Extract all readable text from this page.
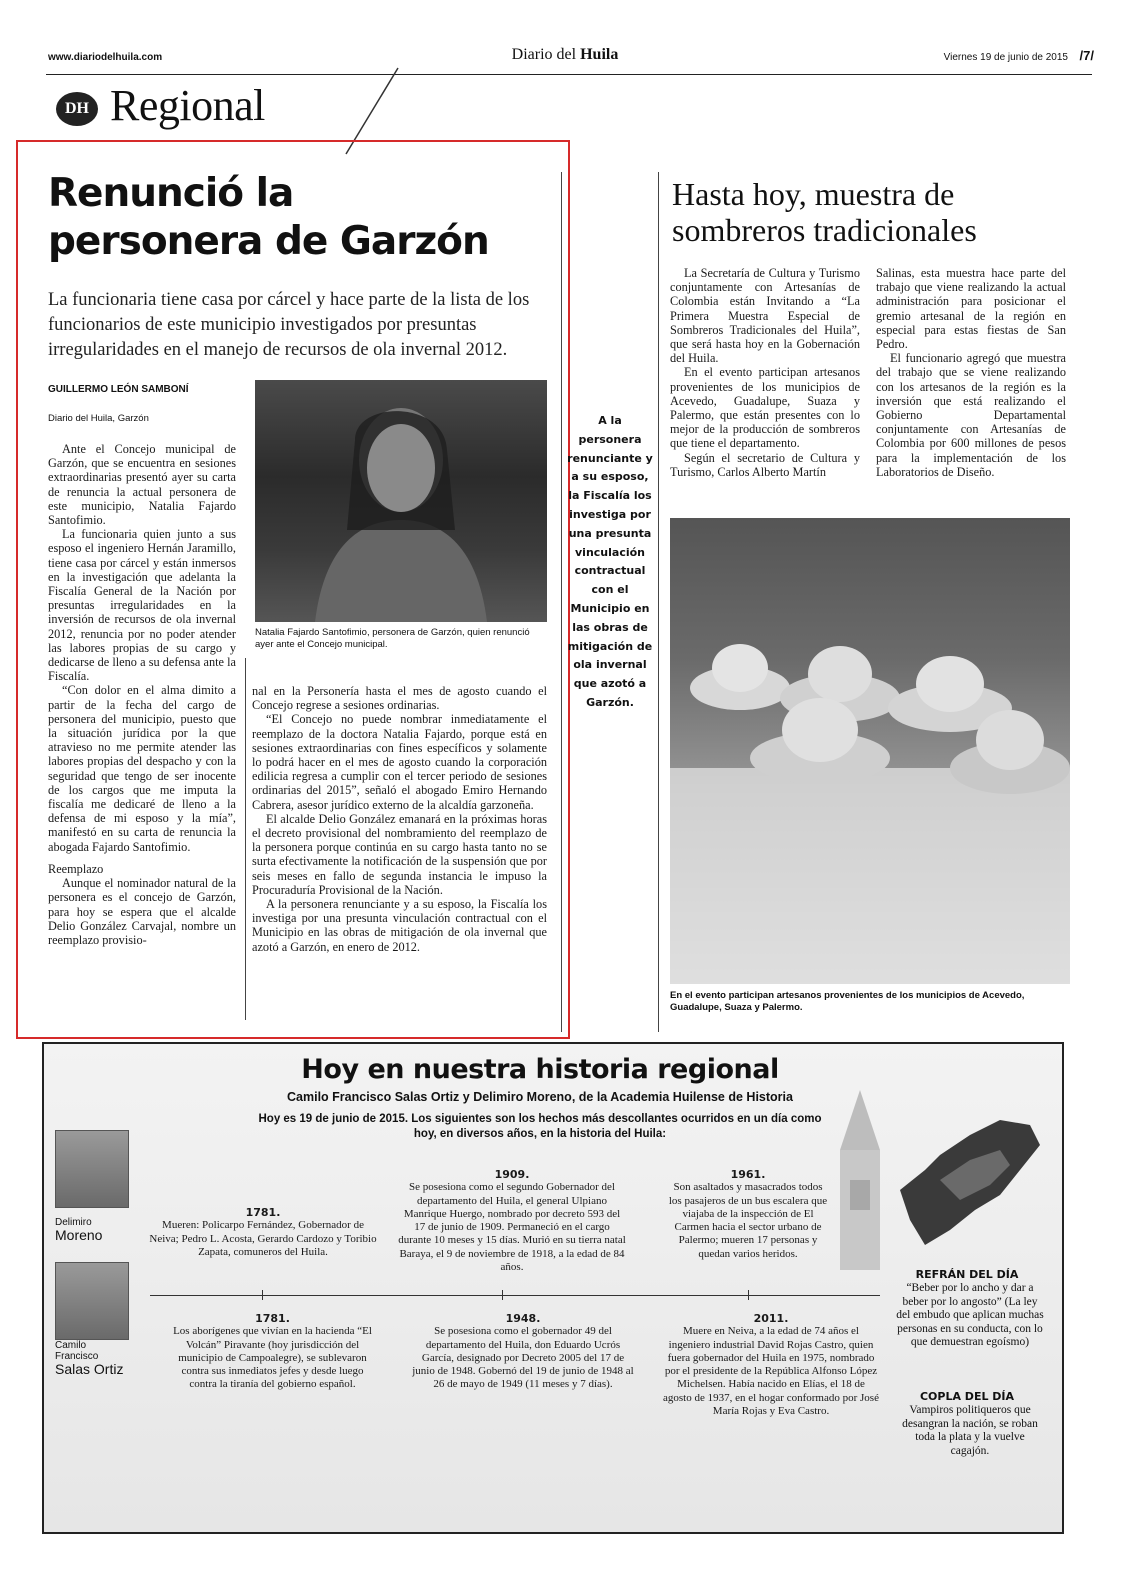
www.diariodelhuila.com	Diario del Huila	Viernes 19 de junio de 2015 /7/
DH Regional
Renunció la
personera de Garzón
La funcionaria tiene casa por cárcel y hace parte de la lista de los funcionarios de este municipio investigados por presuntas irregularidades en el manejo de recursos de ola invernal 2012.
GUILLERMO LEÓN SAMBONÍ
Diario del Huila, Garzón
Natalia Fajardo Santofimio, personera de Garzón, quien renunció ayer ante el Concejo municipal.

Ante el Concejo municipal de Garzón, que se encuentra en sesiones extraordinarias presentó ayer su carta de renuncia la actual personera de este municipio, Natalia Fajardo Santofimio.

La funcionaria quien junto a sus esposo el ingeniero Hernán Jaramillo, tiene casa por cárcel y están inmersos en la investigación que adelanta la Fiscalía General de la Nación por presuntas irregularidades en la inversión de recursos de ola invernal 2012, renuncia por no poder atender las labores propias de su cargo y dedicarse de lleno a su defensa ante la Fiscalía.

“Con dolor en el alma dimito a partir de la fecha del cargo de personera del municipio, puesto que la situación jurídica por la que atravieso no me permite atender las labores propias del despacho y con la seguridad que tengo de ser inocente de los cargos que me imputa la fiscalía me dedicaré de lleno a la defensa de mi esposo y la mía”, manifestó en su carta de renuncia la abogada Fajardo Santofimio.

Reemplazo

Aunque el nominador natural de la personera es el concejo de Garzón, para hoy se espera que el alcalde Delio González Carvajal, nombre un reemplazo provisio-

nal en la Personería hasta el mes de agosto cuando el Concejo regrese a sesiones ordinarias.

“El Concejo no puede nombrar inmediatamente el reemplazo de la doctora Natalia Fajardo, porque está en sesiones extraordinarias con fines específicos y solamente lo podrá hacer en el mes de agosto cuando la corporación edilicia regresa a cumplir con el tercer periodo de sesiones ordinarias del 2015”, señaló el abogado Emiro Hernando Cabrera, asesor jurídico externo de la alcaldía garzoneña.

El alcalde Delio González emanará en la próximas horas el decreto provisional del nombramiento del reemplazo de la personera porque continúa en su cargo hasta tanto no se surta efectivamente la notificación de la suspensión que por seis meses en fallo de segunda instancia le impuso la Procuraduría Provisional de la Nación.

A la personera renunciante y a su esposo, la Fiscalía los investiga por una presunta vinculación contractual con el Municipio en las obras de mitigación de ola invernal que azotó a Garzón, en enero de 2012.

A la personera renunciante y a su esposo, la Fiscalía los investiga por una presunta vinculación contractual con el Municipio en las obras de mitigación de ola invernal que azotó a Garzón.
Hasta hoy, muestra de
sombreros tradicionales

La Secretaría de Cultura y Turismo conjuntamente con Artesanías de Colombia están Invitando a “La Primera Muestra Especial de Sombreros Tradicionales del Huila”, que será hasta hoy en la Gobernación del Huila.

En el evento participan artesanos provenientes de los municipios de Acevedo, Guadalupe, Suaza y Palermo, que están presentes con lo mejor de la producción de sombreros que tiene el departamento.

Según el secretario de Cultura y Turismo, Carlos Alberto Martín

Salinas, esta muestra hace parte del trabajo que viene realizando la actual administración para posicionar el gremio artesanal de la región en especial para estas fiestas de San Pedro.

El funcionario agregó que muestra del trabajo que se viene realizando con los artesanos de la región es la inversión que está realizando el Gobierno Departamental conjuntamente con Artesanías de Colombia por 600 millones de pesos para la implementación de los Laboratorios de Diseño.

En el evento participan artesanos provenientes de los municipios de Acevedo, Guadalupe, Suaza y Palermo.
Hoy en nuestra historia regional
Camilo Francisco Salas Ortiz y Delimiro Moreno, de la Academia Huilense de Historia
Hoy es 19 de junio de 2015. Los siguientes son los hechos más descollantes ocurridos en un día como hoy, en diversos años, en la historia del Huila:
Delimiro
Moreno
Camilo
Francisco
Salas Ortiz
1781.
Mueren: Policarpo Fernández, Gobernador de Neiva; Pedro L. Acosta, Gerardo Cardozo y Toribio Zapata, comuneros del Huila.
1909.
Se posesiona como el segundo Gobernador del departamento del Huila, el general Ulpiano Manrique Huergo, nombrado por decreto 593 del 17 de junio de 1909. Permaneció en el cargo durante 10 meses y 15 días. Murió en su tierra natal Baraya, el 9 de noviembre de 1918, a la edad de 84 años.
1961.
Son asaltados y masacrados todos los pasajeros de un bus escalera que viajaba de la inspección de El Carmen hacia el sector urbano de Palermo; mueren 17 personas y quedan varios heridos.
1781.
Los aborígenes que vivían en la hacienda “El Volcán” Piravante (hoy jurisdicción del municipio de Campoalegre), se sublevaron contra sus inmediatos jefes y desde luego contra la tiranía del gobierno español.
1948.
Se posesiona como el gobernador 49 del departamento del Huila, don Eduardo Ucrós García, designado por Decreto 2005 del 17 de junio de 1948. Gobernó del 19 de junio de 1948 al 26 de mayo de 1949 (11 meses y 7 días).
2011.
Muere en Neiva, a la edad de 74 años el ingeniero industrial David Rojas Castro, quien fuera gobernador del Huila en 1975, nombrado por el presidente de la República Alfonso López Michelsen. Había nacido en Elías, el 18 de agosto de 1937, en el hogar conformado por José María Rojas y Eva Castro.
REFRÁN DEL DÍA
“Beber por lo ancho y dar a beber por lo angosto” (La ley del embudo que aplican muchas personas en su conducta, con lo que demuestran egoísmo)
COPLA DEL DÍA
Vampiros politiqueros que desangran la nación, se roban toda la plata y la vuelve cagajón.
